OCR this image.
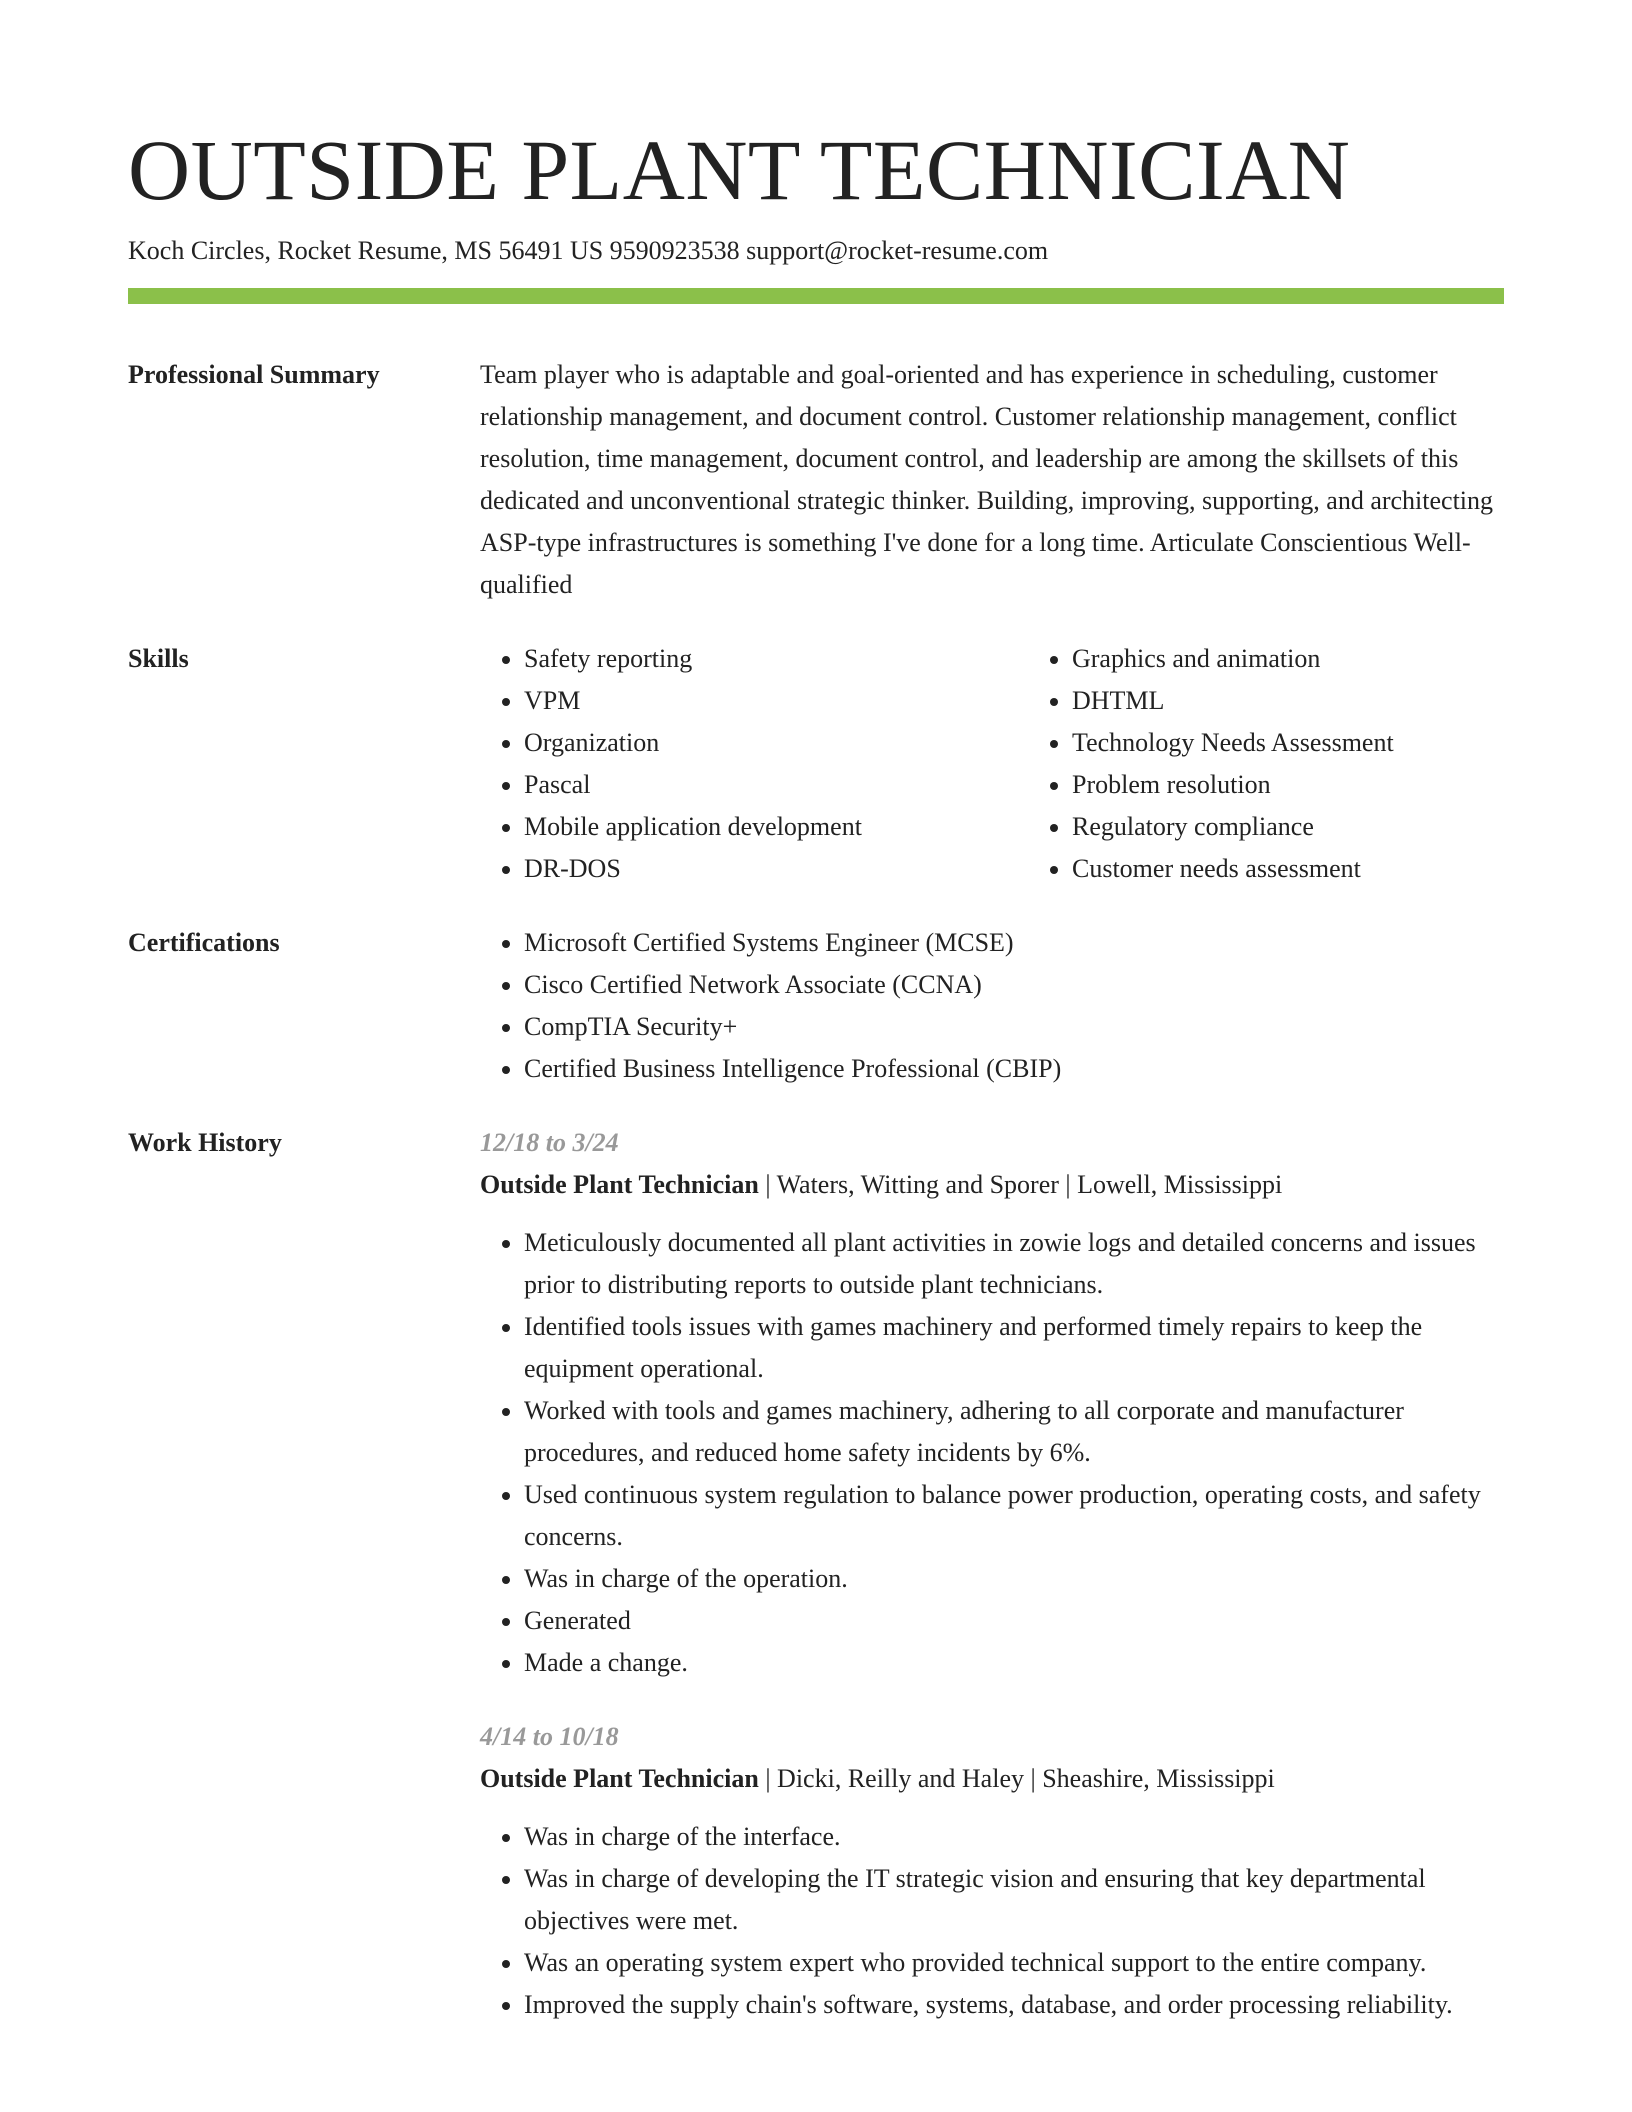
OUTSIDE PLANT TECHNICIAN
Koch Circles, Rocket Resume, MS 56491 US 9590923538 support@rocket-resume.com
Professional Summary	Team player who is adaptable and goal-oriented and has experience in scheduling, customer relationship management, and document control. Customer relationship management, conflict resolution, time management, document control, and leadership are among the skillsets of this dedicated and unconventional strategic thinker. Building, improving, supporting, and architecting ASP-type infrastructures is something I've done for a long time. Articulate Conscientious Well-qualified
Skills	• Safety reporting
• VPM
• Organization
• Pascal
• Mobile application development
• DR-DOS
• Graphics and animation
• DHTML
• Technology Needs Assessment
• Problem resolution
• Regulatory compliance
• Customer needs assessment
Certifications	• Microsoft Certified Systems Engineer (MCSE)
• Cisco Certified Network Associate (CCNA)
• CompTIA Security+
• Certified Business Intelligence Professional (CBIP)
Work History	12/18 to 3/24
Outside Plant Technician | Waters, Witting and Sporer | Lowell, Mississippi
• Meticulously documented all plant activities in zowie logs and detailed concerns and issues prior to distributing reports to outside plant technicians.
• Identified tools issues with games machinery and performed timely repairs to keep the equipment operational.
• Worked with tools and games machinery, adhering to all corporate and manufacturer procedures, and reduced home safety incidents by 6%.
• Used continuous system regulation to balance power production, operating costs, and safety concerns.
• Was in charge of the operation.
• Generated
• Made a change.
4/14 to 10/18
Outside Plant Technician | Dicki, Reilly and Haley | Sheashire, Mississippi
• Was in charge of the interface.
• Was in charge of developing the IT strategic vision and ensuring that key departmental objectives were met.
• Was an operating system expert who provided technical support to the entire company.
• Improved the supply chain's software, systems, database, and order processing reliability.
